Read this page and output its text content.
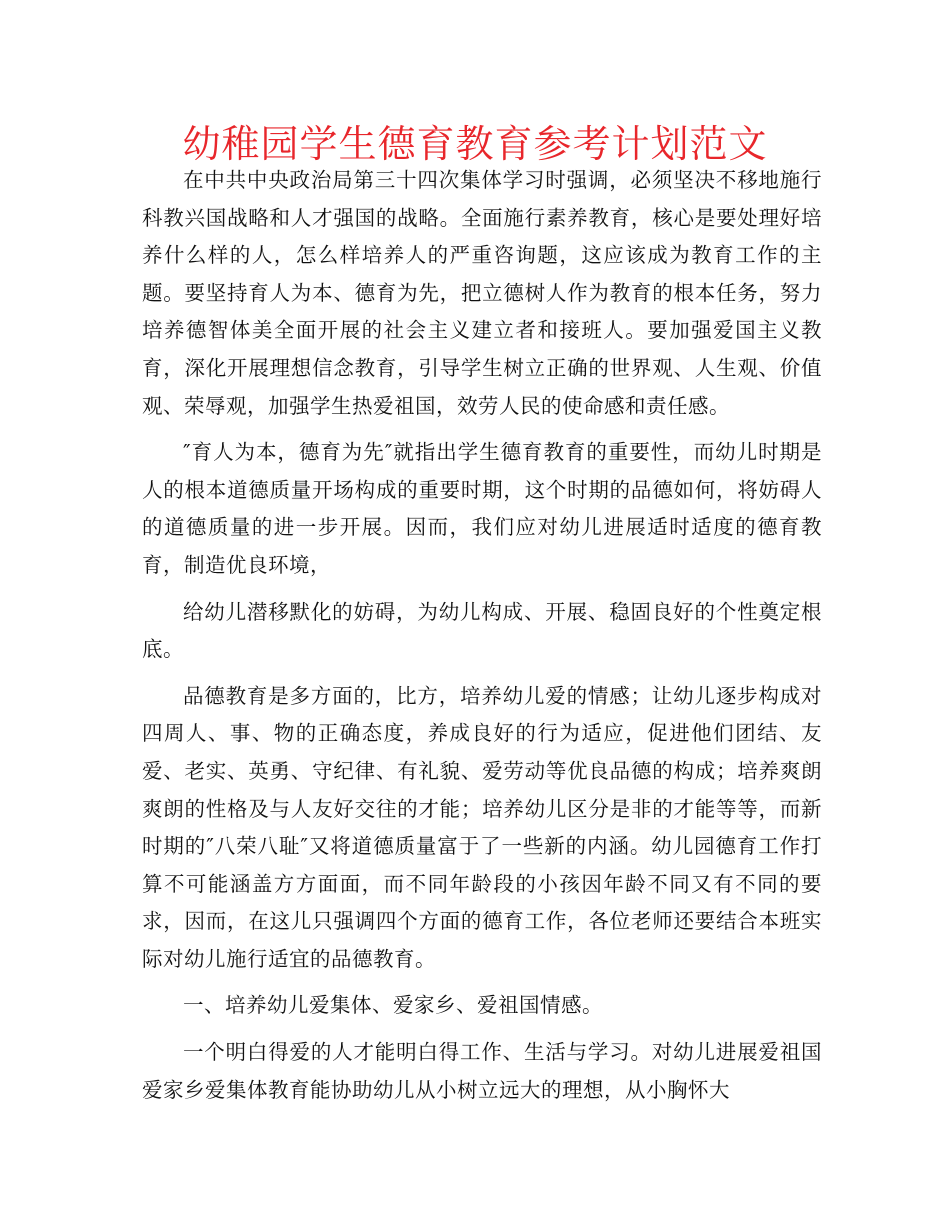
幼稚园学生德育教育参考计划范文

在中共中央政治局第三十四次集体学习时强调，必须坚决不移地施行科教兴国战略和人才强国的战略。全面施行素养教育，核心是要处理好培养什么样的人，怎么样培养人的严重咨询题，这应该成为教育工作的主题。要坚持育人为本、德育为先，把立德树人作为教育的根本任务，努力培养德智体美全面开展的社会主义建立者和接班人。要加强爱国主义教育，深化开展理想信念教育，引导学生树立正确的世界观、人生观、价值观、荣辱观，加强学生热爱祖国，效劳人民的使命感和责任感。

″育人为本，德育为先″就指出学生德育教育的重要性，而幼儿时期是人的根本道德质量开场构成的重要时期，这个时期的品德如何，将妨碍人的道德质量的进一步开展。因而，我们应对幼儿进展适时适度的德育教育，制造优良环境，

给幼儿潜移默化的妨碍，为幼儿构成、开展、稳固良好的个性奠定根底。

品德教育是多方面的，比方，培养幼儿爱的情感；让幼儿逐步构成对四周人、事、物的正确态度，养成良好的行为适应，促进他们团结、友爱、老实、英勇、守纪律、有礼貌、爱劳动等优良品德的构成；培养爽朗爽朗的性格及与人友好交往的才能；培养幼儿区分是非的才能等等，而新时期的″八荣八耻″又将道德质量富于了一些新的内涵。幼儿园德育工作打算不可能涵盖方方面面，而不同年龄段的小孩因年龄不同又有不同的要求，因而，在这儿只强调四个方面的德育工作，各位老师还要结合本班实际对幼儿施行适宜的品德教育。

一、培养幼儿爱集体、爱家乡、爱祖国情感。

一个明白得爱的人才能明白得工作、生活与学习。对幼儿进展爱祖国爱家乡爱集体教育能协助幼儿从小树立远大的理想，从小胸怀大
